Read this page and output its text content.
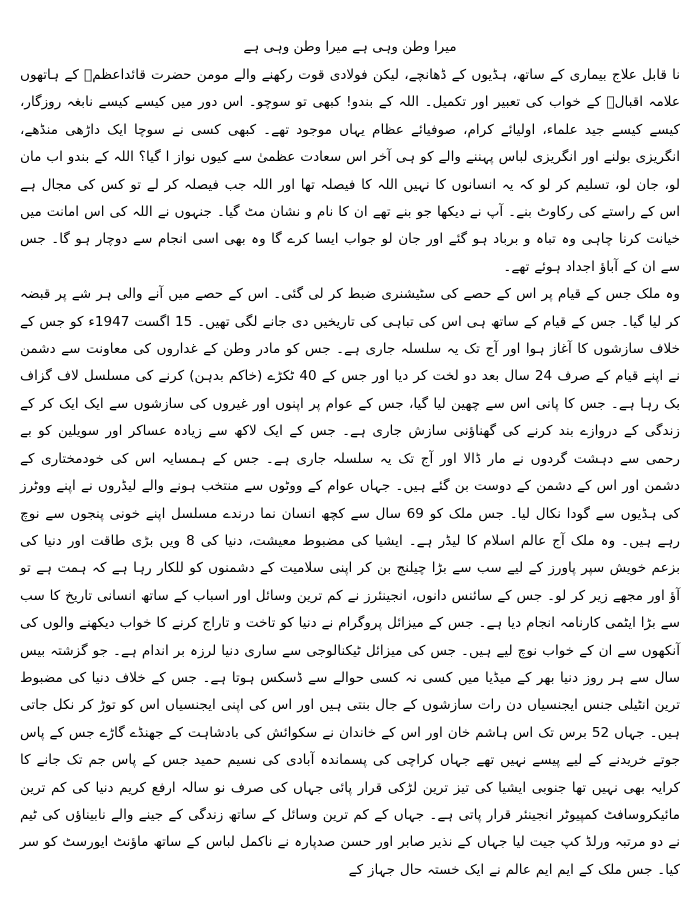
میرا وطن وہی ہے میرا وطن وہی ہے

نا قابل علاج بیماری کے ساتھ، ہڈیوں کے ڈھانچے، لیکن فولادی قوت رکھنے والے مومن حضرت قائداعظمؒ کے ہاتھوں علامہ اقبالؒ کے خواب کی تعبیر اور تکمیل۔ اللہ کے بندو! کبھی تو سوچو۔ اس دور میں کیسے کیسے نابغہ روزگار، کیسے کیسے جید علماء، اولیائے کرام، صوفیائے عظام یہاں موجود تھے۔ کبھی کسی نے سوچا ایک داڑھی منڈھے، انگریزی بولنے اور انگریزی لباس پہننے والے کو ہی آخر اس سعادت عظمیٰ سے کیوں نواز ا گیا؟ اللہ کے بندو اب مان لو، جان لو، تسلیم کر لو کہ یہ انسانوں کا نہیں اللہ کا فیصلہ تھا اور اللہ جب فیصلہ کر لے تو کس کی مجال ہے اس کے راستے کی رکاوٹ بنے۔ آپ نے دیکھا جو بنے تھے ان کا نام و نشان مٹ گیا۔ جنہوں نے اللہ کی اس امانت میں خیانت کرنا چاہی وہ تباہ و برباد ہو گئے اور جان لو جواب ایسا کرے گا وہ بھی اسی انجام سے دوچار ہو گا۔ جس سے ان کے آباؤ اجداد ہوئے تھے۔

وہ ملک جس کے قیام پر اس کے حصے کی سٹیشنری ضبط کر لی گئی۔ اس کے حصے میں آنے والی ہر شے پر قبضہ کر لیا گیا۔ جس کے قیام کے ساتھ ہی اس کی تباہی کی تاریخیں دی جانے لگی تھیں۔ 15 اگست 1947ء کو جس کے خلاف سازشوں کا آغاز ہوا اور آج تک یہ سلسلہ جاری ہے۔ جس کو مادر وطن کے غداروں کی معاونت سے دشمن نے اپنے قیام کے صرف 24 سال بعد دو لخت کر دیا اور جس کے 40 ٹکڑے (خاکم بدہن) کرنے کی مسلسل لاف گزاف بک رہا ہے۔ جس کا پانی اس سے چھین لیا گیا، جس کے عوام پر اپنوں اور غیروں کی سازشوں سے ایک ایک کر کے زندگی کے دروازے بند کرنے کی گھناؤنی سازش جاری ہے۔ جس کے ایک لاکھ سے زیادہ عساکر اور سویلین کو بے رحمی سے دہشت گردوں نے مار ڈالا اور آج تک یہ سلسلہ جاری ہے۔ جس کے ہمسایہ اس کی خودمختاری کے دشمن اور اس کے دشمن کے دوست بن گئے ہیں۔ جہاں عوام کے ووٹوں سے منتخب ہونے والے لیڈروں نے اپنے ووٹرز کی ہڈیوں سے گودا نکال لیا۔ جس ملک کو 69 سال سے کچھ انسان نما درندے مسلسل اپنے خونی پنجوں سے نوچ رہے ہیں۔ وہ ملک آج عالم اسلام کا لیڈر ہے۔ ایشیا کی مضبوط معیشت، دنیا کی 8 ویں بڑی طاقت اور دنیا کی بزعم خویش سپر پاورز کے لیے سب سے بڑا چیلنج بن کر اپنی سلامیت کے دشمنوں کو للکار رہا ہے کہ ہمت ہے تو آؤ اور مجھے زیر کر لو۔ جس کے سائنس دانوں، انجینئرز نے کم ترین وسائل اور اسباب کے ساتھ انسانی تاریخ کا سب سے بڑا ایٹمی کارنامہ انجام دیا ہے۔ جس کے میزائل پروگرام نے دنیا کو تاخت و تاراج کرنے کا خواب دیکھنے والوں کی آنکھوں سے ان کے خواب نوچ لیے ہیں۔ جس کی میزائل ٹیکنالوجی سے ساری دنیا لرزہ بر اندام ہے۔ جو گزشتہ بیس سال سے ہر روز دنیا بھر کے میڈیا میں کسی نہ کسی حوالے سے ڈسکس ہوتا ہے۔ جس کے خلاف دنیا کی مضبوط ترین انٹیلی جنس ایجنسیاں دن رات سازشوں کے جال بنتی ہیں اور اس کی اپنی ایجنسیاں اس کو توڑ کر نکل جاتی ہیں۔ جہاں 52 برس تک اس ہاشم خان اور اس کے خاندان نے سکوائش کی بادشاہت کے جھنڈے گاڑے جس کے پاس جوتے خریدنے کے لیے پیسے نہیں تھے جہاں کراچی کی پسماندہ آبادی کی نسیم حمید جس کے پاس جم تک جانے کا کرایہ بھی نہیں تھا جنوبی ایشیا کی تیز ترین لڑکی قرار پائی جہاں کی صرف نو سالہ ارفع کریم دنیا کی کم ترین مائیکروسافٹ کمپیوٹر انجینئر قرار پاتی ہے۔ جہاں کے کم ترین وسائل کے ساتھ زندگی کے جینے والے نابیناؤں کی ٹیم نے دو مرتبہ ورلڈ کپ جیت لیا جہاں کے نذیر صابر اور حسن صدپارہ نے ناکمل لباس کے ساتھ ماؤنٹ ایورسٹ کو سر کیا۔ جس ملک کے ایم ایم عالم نے ایک خستہ حال جہاز کے
